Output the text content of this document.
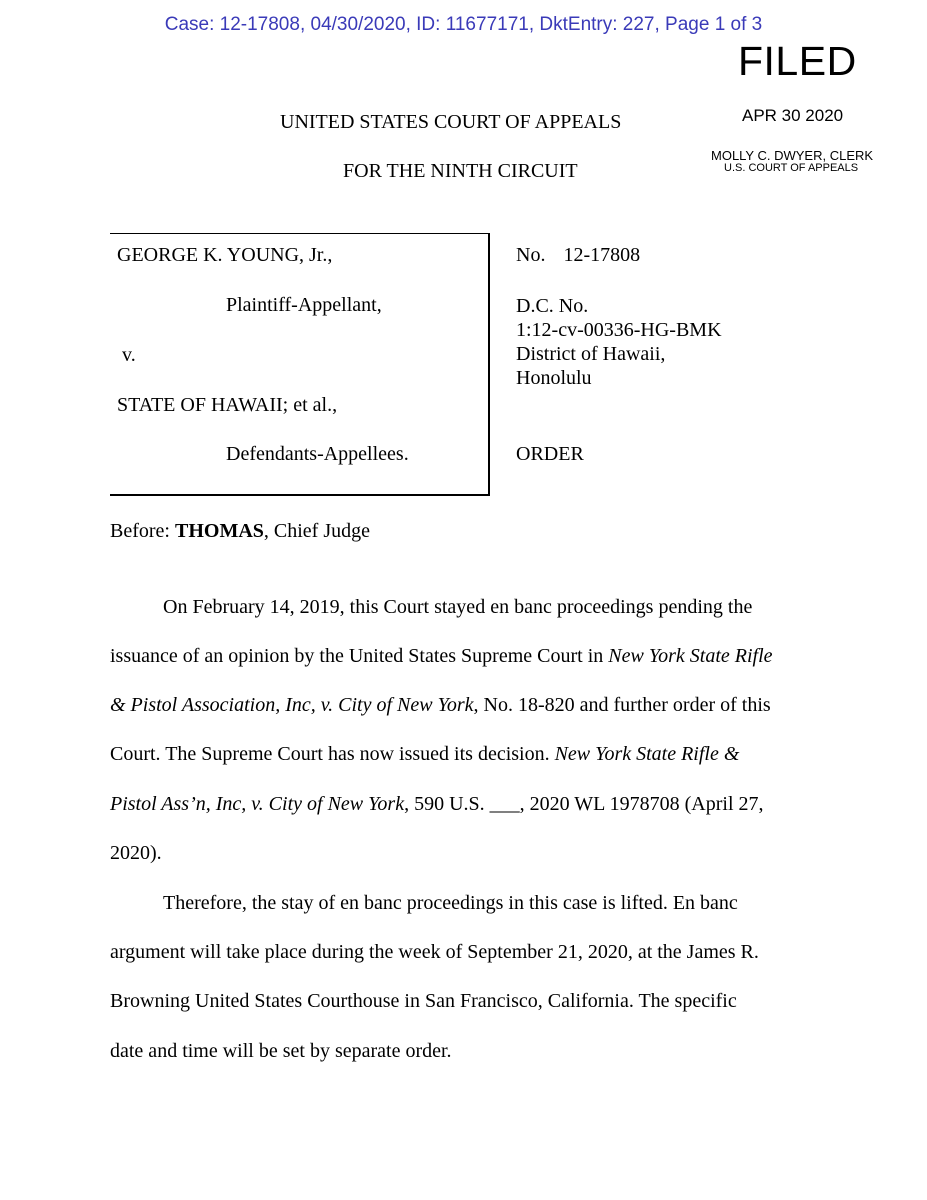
Case: 12-17808, 04/30/2020, ID: 11677171, DktEntry: 227, Page 1 of 3
FILED
APR 30 2020
MOLLY C. DWYER, CLERK
U.S. COURT OF APPEALS
UNITED STATES COURT OF APPEALS
FOR THE NINTH CIRCUIT
GEORGE K. YOUNG, Jr.,
Plaintiff-Appellant,
v.
STATE OF HAWAII; et al.,
Defendants-Appellees.
No. 12-17808
D.C. No.
1:12-cv-00336-HG-BMK
District of Hawaii,
Honolulu
ORDER
Before: THOMAS, Chief Judge
On February 14, 2019, this Court stayed en banc proceedings pending the
issuance of an opinion by the United States Supreme Court in New York State Rifle
& Pistol Association, Inc, v. City of New York, No. 18-820 and further order of this
Court. The Supreme Court has now issued its decision. New York State Rifle &
Pistol Ass’n, Inc, v. City of New York, 590 U.S. ___, 2020 WL 1978708 (April 27,
2020).
Therefore, the stay of en banc proceedings in this case is lifted. En banc
argument will take place during the week of September 21, 2020, at the James R.
Browning United States Courthouse in San Francisco, California. The specific
date and time will be set by separate order.
